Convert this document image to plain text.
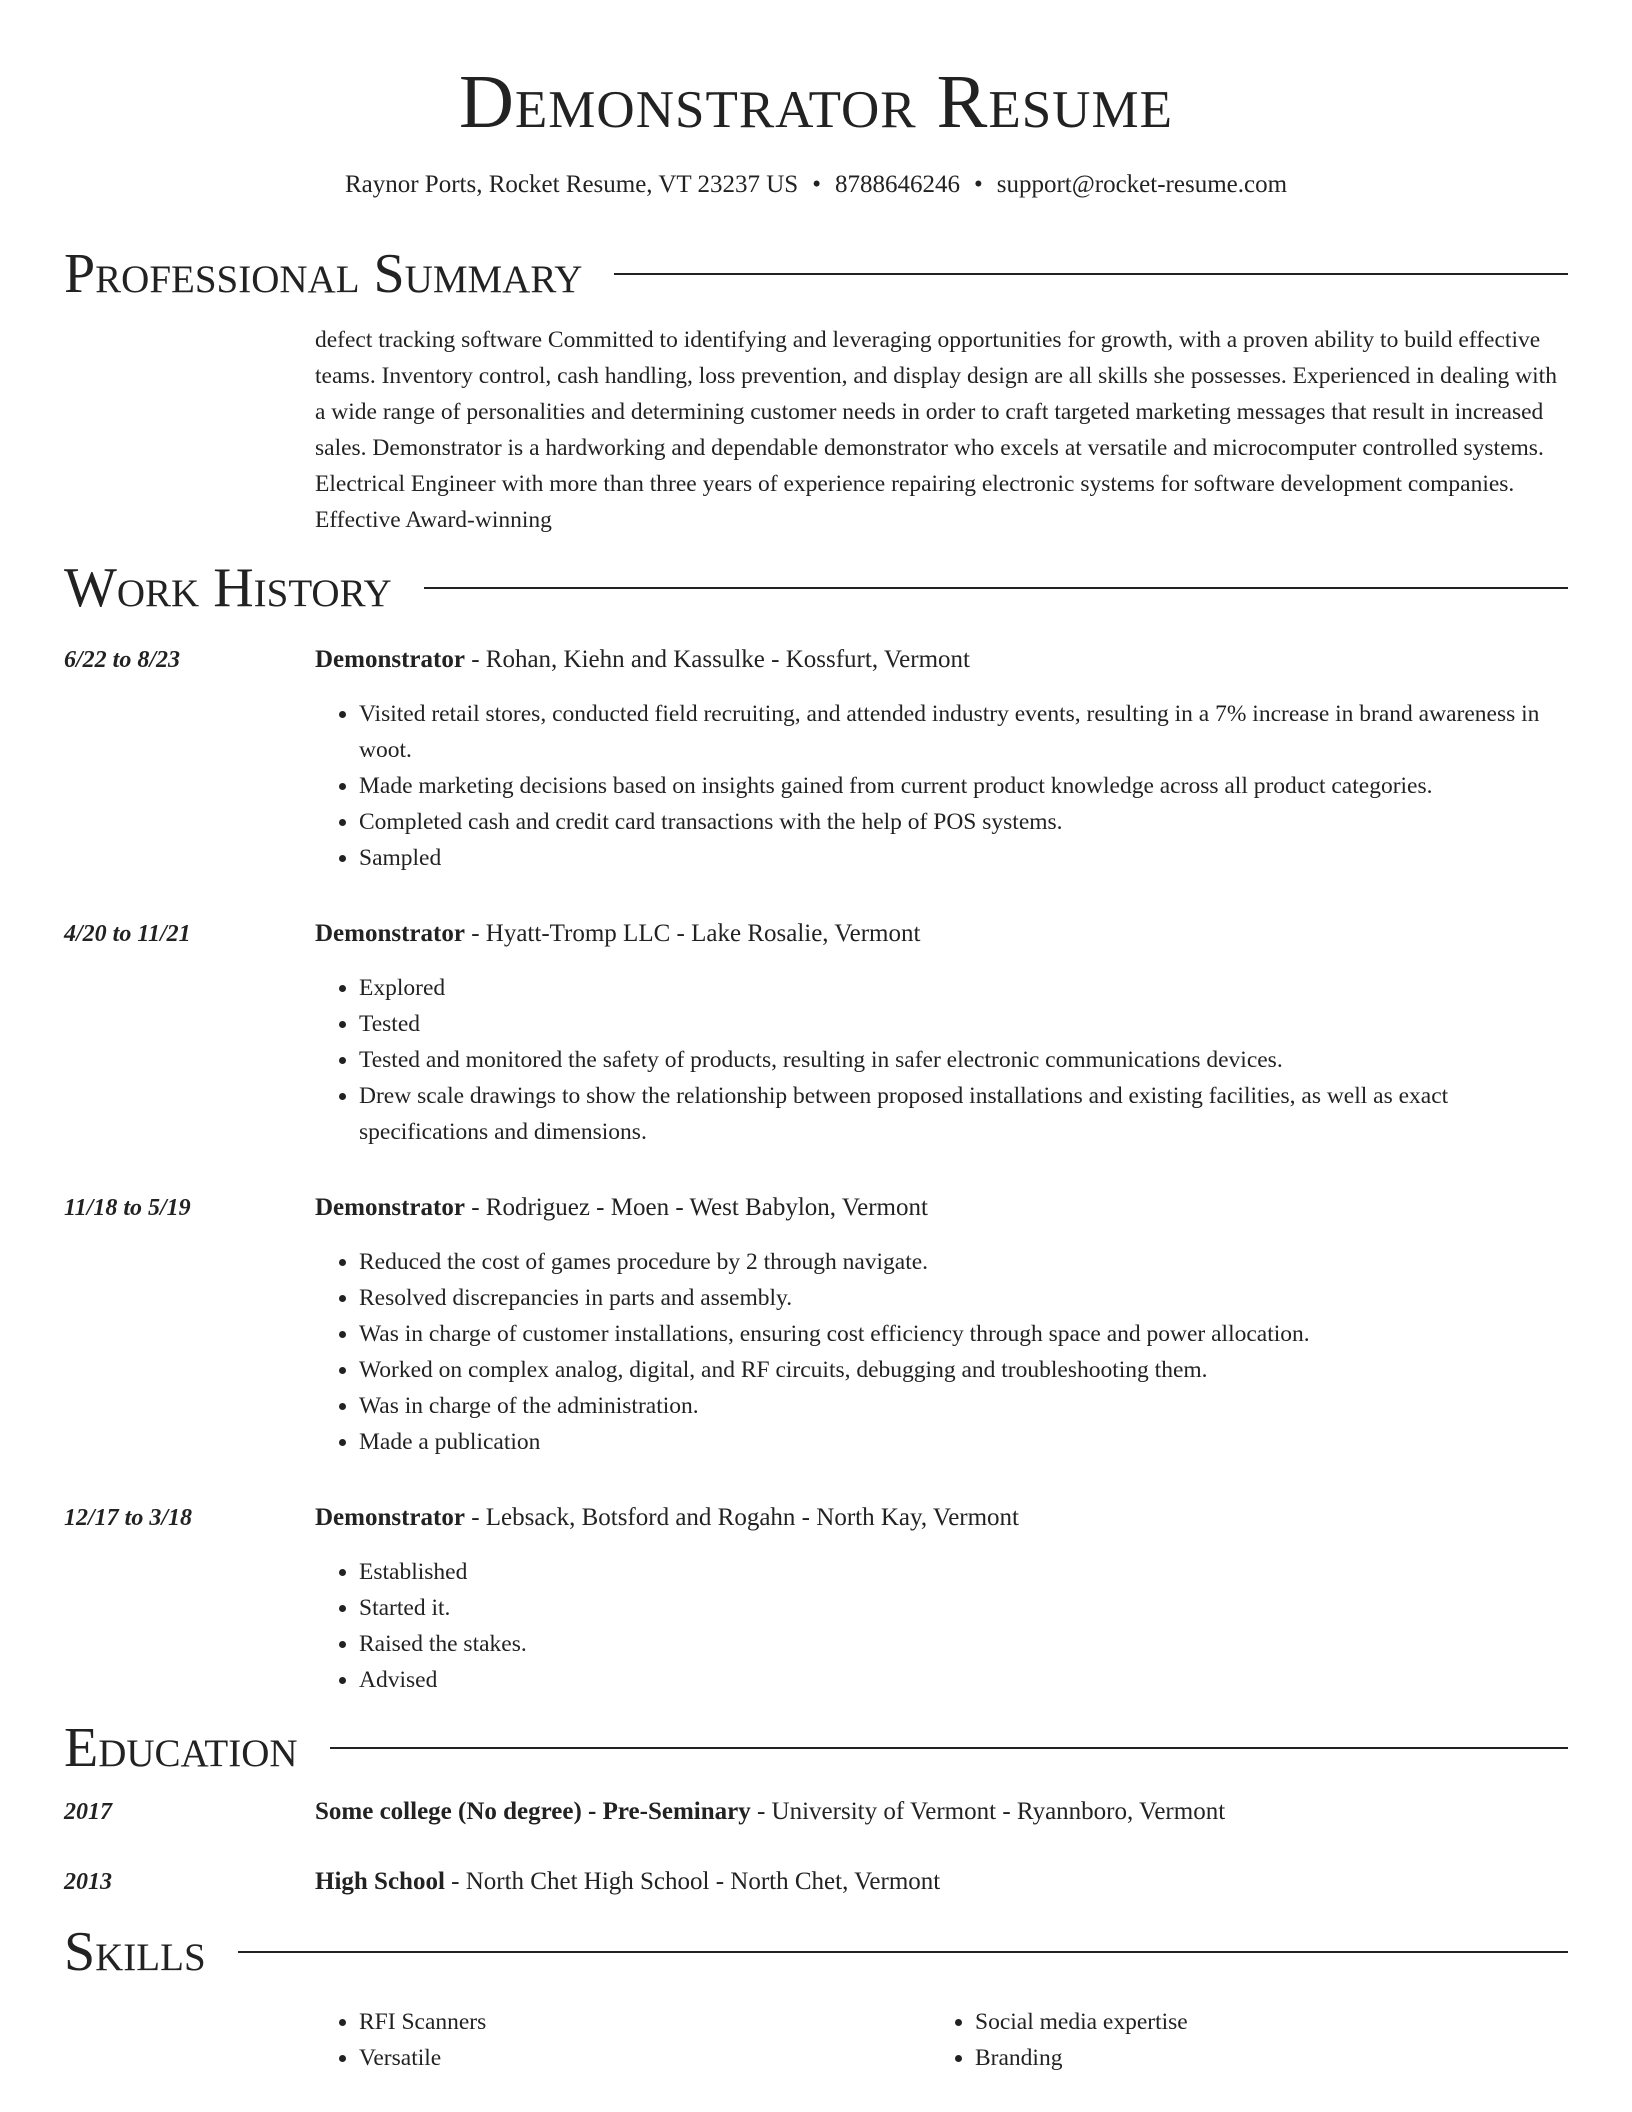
Demonstrator Resume
Raynor Ports, Rocket Resume, VT 23237 US • 8788646246 • support@rocket-resume.com
Professional Summary
defect tracking software Committed to identifying and leveraging opportunities for growth, with a proven ability to build effective teams. Inventory control, cash handling, loss prevention, and display design are all skills she possesses. Experienced in dealing with a wide range of personalities and determining customer needs in order to craft targeted marketing messages that result in increased sales. Demonstrator is a hardworking and dependable demonstrator who excels at versatile and microcomputer controlled systems. Electrical Engineer with more than three years of experience repairing electronic systems for software development companies. Effective Award-winning
Work History
6/22 to 8/23	Demonstrator - Rohan, Kiehn and Kassulke - Kossfurt, Vermont
• Visited retail stores, conducted field recruiting, and attended industry events, resulting in a 7% increase in brand awareness in woot.
• Made marketing decisions based on insights gained from current product knowledge across all product categories.
• Completed cash and credit card transactions with the help of POS systems.
• Sampled
4/20 to 11/21	Demonstrator - Hyatt-Tromp LLC - Lake Rosalie, Vermont
• Explored
• Tested
• Tested and monitored the safety of products, resulting in safer electronic communications devices.
• Drew scale drawings to show the relationship between proposed installations and existing facilities, as well as exact specifications and dimensions.
11/18 to 5/19	Demonstrator - Rodriguez - Moen - West Babylon, Vermont
• Reduced the cost of games procedure by 2 through navigate.
• Resolved discrepancies in parts and assembly.
• Was in charge of customer installations, ensuring cost efficiency through space and power allocation.
• Worked on complex analog, digital, and RF circuits, debugging and troubleshooting them.
• Was in charge of the administration.
• Made a publication
12/17 to 3/18	Demonstrator - Lebsack, Botsford and Rogahn - North Kay, Vermont
• Established
• Started it.
• Raised the stakes.
• Advised
Education
2017	Some college (No degree) - Pre-Seminary - University of Vermont - Ryannboro, Vermont
2013	High School - North Chet High School - North Chet, Vermont
Skills
• RFI Scanners
• Versatile
• Social media expertise
• Branding
